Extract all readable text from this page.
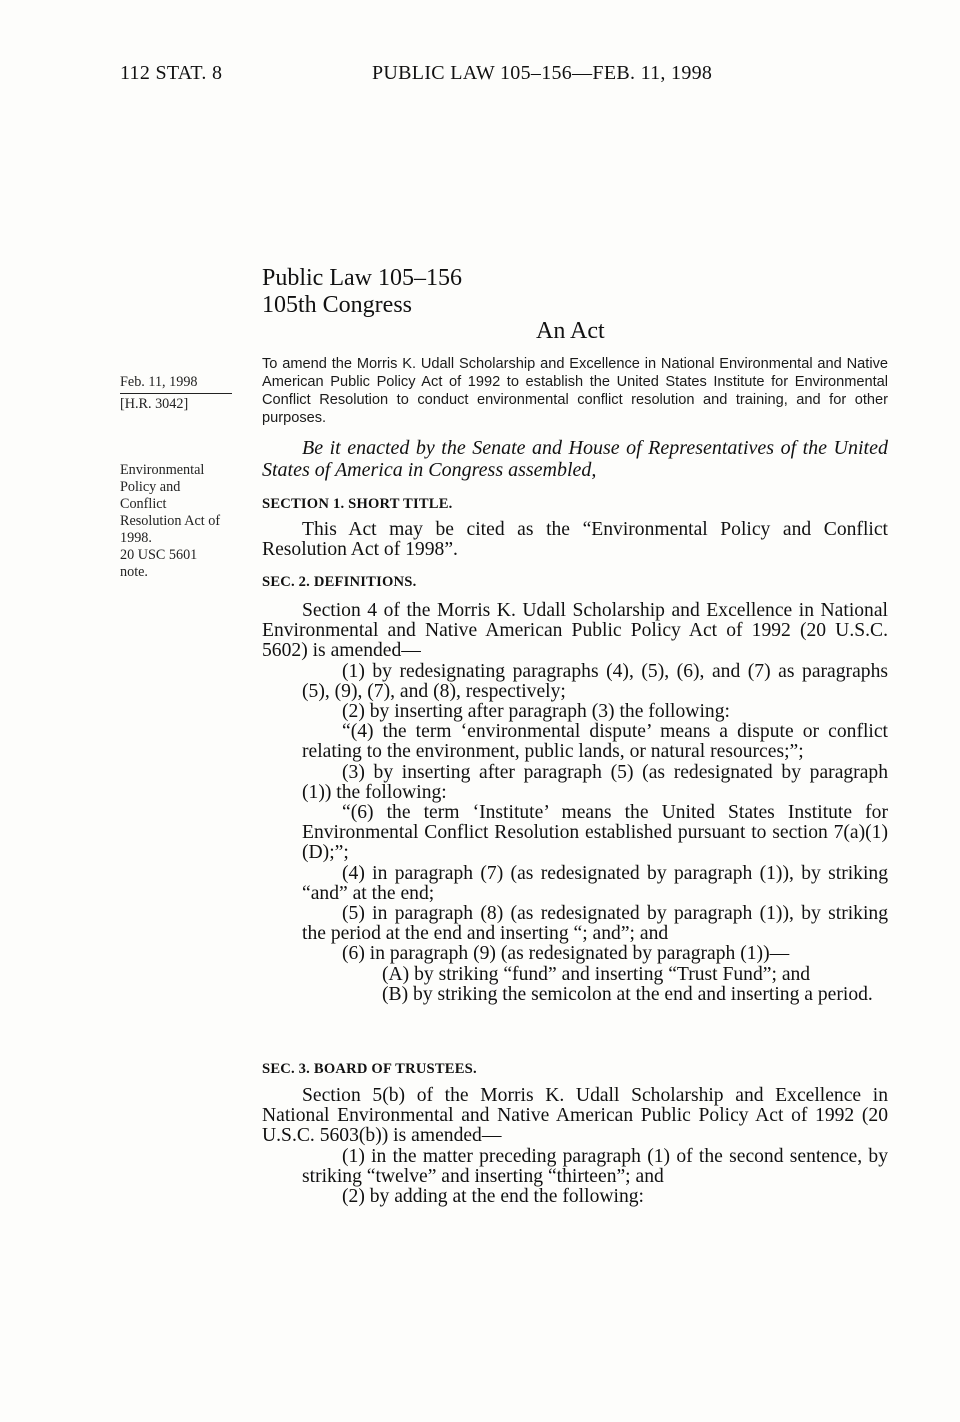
112 STAT. 8	PUBLIC LAW 105–156—FEB. 11, 1998
Public Law 105–156
105th Congress
An Act
To amend the Morris K. Udall Scholarship and Excellence in National Environmental and Native American Public Policy Act of 1992 to establish the United States Institute for Environmental Conflict Resolution to conduct environmental conflict resolution and training, and for other purposes.
Feb. 11, 1998
[H.R. 3042]
Environmental
Policy and
Conflict
Resolution Act of
1998.
20 USC 5601
note.
Be it enacted by the Senate and House of Representatives of the United States of America in Congress assembled,
SECTION 1. SHORT TITLE.

This Act may be cited as the “Environmental Policy and Conflict Resolution Act of 1998”.

SEC. 2. DEFINITIONS.

Section 4 of the Morris K. Udall Scholarship and Excellence in National Environmental and Native American Public Policy Act of 1992 (20 U.S.C. 5602) is amended—

(1) by redesignating paragraphs (4), (5), (6), and (7) as paragraphs (5), (9), (7), and (8), respectively;

(2) by inserting after paragraph (3) the following:

“(4) the term ‘environmental dispute’ means a dispute or conflict relating to the environment, public lands, or natural resources;”;

(3) by inserting after paragraph (5) (as redesignated by paragraph (1)) the following:

“(6) the term ‘Institute’ means the United States Institute for Environmental Conflict Resolution established pursuant to section 7(a)(1)(D);”;

(4) in paragraph (7) (as redesignated by paragraph (1)), by striking “and” at the end;

(5) in paragraph (8) (as redesignated by paragraph (1)), by striking the period at the end and inserting “; and”; and

(6) in paragraph (9) (as redesignated by paragraph (1))—

(A) by striking “fund” and inserting “Trust Fund”; and

(B) by striking the semicolon at the end and inserting a period.

SEC. 3. BOARD OF TRUSTEES.

Section 5(b) of the Morris K. Udall Scholarship and Excellence in National Environmental and Native American Public Policy Act of 1992 (20 U.S.C. 5603(b)) is amended—

(1) in the matter preceding paragraph (1) of the second sentence, by striking “twelve” and inserting “thirteen”; and

(2) by adding at the end the following:
